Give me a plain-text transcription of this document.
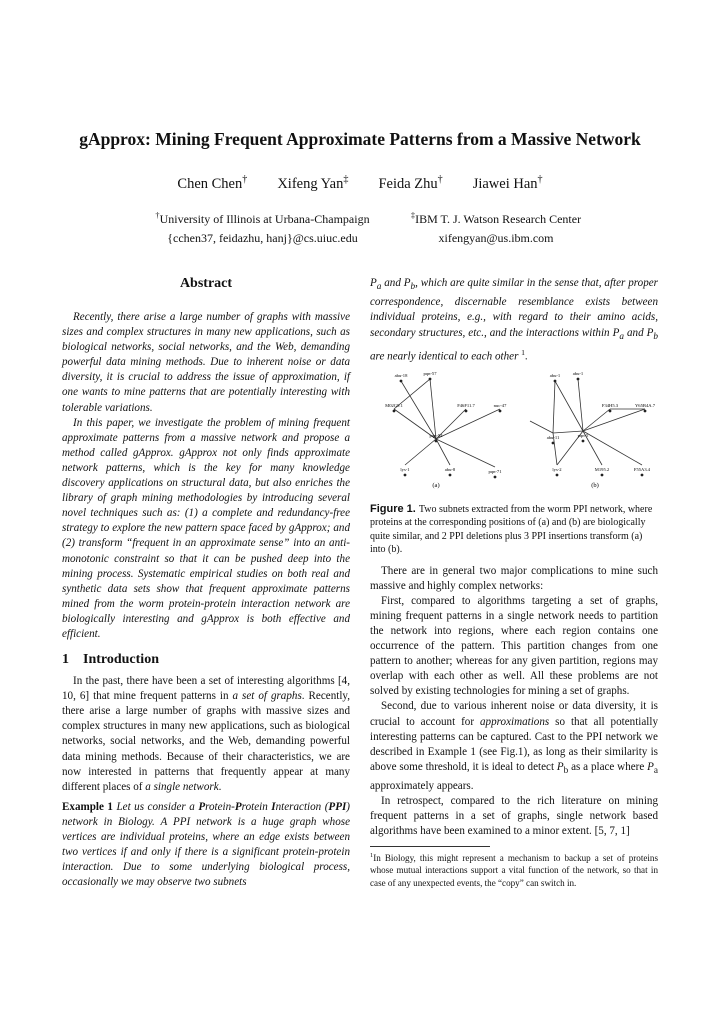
gApprox: Mining Frequent Approximate Patterns from a Massive Network
Chen Chen† Xifeng Yan‡ Feida Zhu† Jiawei Han†
†University of Illinois at Urbana-Champaign
{cchen37, feidazhu, hanj}@cs.uiuc.edu
‡IBM T. J. Watson Research Center
xifengyan@us.ibm.com
Abstract

Recently, there arise a large number of graphs with massive sizes and complex structures in many new applications, such as biological networks, social networks, and the Web, demanding powerful data mining methods. Due to inherent noise or data diversity, it is crucial to address the issue of approximation, if one wants to mine patterns that are potentially interesting with tolerable variations.

In this paper, we investigate the problem of mining frequent approximate patterns from a massive network and propose a method called gApprox. gApprox not only finds approximate network patterns, which is the key for many knowledge discovery applications on structural data, but also enriches the library of graph mining methodologies by introducing several novel techniques such as: (1) a complete and redundancy-free strategy to explore the new pattern space faced by gApprox; and (2) transform “frequent in an approximate sense” into an anti-monotonic constraint so that it can be pushed deep into the mining process. Systematic empirical studies on both real and synthetic data sets show that frequent approximate patterns mined from the worm protein-protein interaction network are biologically interesting and gApprox is both effective and efficient.

1 Introduction

In the past, there have been a set of interesting algorithms [4, 10, 6] that mine frequent patterns in a set of graphs. Recently, there arise a large number of graphs with massive sizes and complex structures in many new applications, such as biological networks, social networks, and the Web, demanding powerful data mining methods. Because of their characteristics, we are now interested in patterns that frequently appear at many different places of a single network.

Example 1 Let us consider a Protein-Protein Interaction (PPI) network in Biology. A PPI network is a huge graph whose vertices are individual proteins, where an edge exists between two vertices if and only if there is a significant protein-protein interaction. Due to some underlying biological process, occasionally we may observe two subnets

$P_a$ and $P_b$, which are quite similar in the sense that, after proper correspondence, discernable resemblance exists between individual proteins, e.g., with regard to their amino acids, secondary structures, etc., and the interactions within $P_a$ and $P_b$ are nearly identical to each other $^1$.

abu-18	pqn-57
M02G9.1	F46F11.7	nuc-47
pqn-54
lys-1	abu-8	pqn-71
abu-1	abu-1
F34H5.3	Y65B4A.7
abu-11	pqn-5
lys-2	M195.2	F55A3.4
(a)	(b)
Figure 1. Two subnets extracted from the worm PPI network, where proteins at the corresponding positions of (a) and (b) are biologically quite similar, and 2 PPI deletions plus 3 PPI insertions transform (a) into (b).

There are in general two major complications to mine such massive and highly complex networks:

First, compared to algorithms targeting a set of graphs, mining frequent patterns in a single network needs to partition the network into regions, where each region contains one occurrence of the pattern. This partition changes from one pattern to another; whereas for any given partition, regions may overlap with each other as well. All these problems are not solved by existing technologies for mining a set of graphs.

Second, due to various inherent noise or data diversity, it is crucial to account for approximations so that all potentially interesting patterns can be captured. Cast to the PPI network we described in Example 1 (see Fig.1), as long as their similarity is above some threshold, it is ideal to detect $P_b$ as a place where $P_a$ approximately appears.

In retrospect, compared to the rich literature on mining frequent patterns in a set of graphs, single network based algorithms have been examined to a minor extent. [5, 7, 1]

$^1$In Biology, this might represent a mechanism to backup a set of proteins whose mutual interactions support a vital function of the network, so that in case of any unexpected events, the “copy” can switch in.
